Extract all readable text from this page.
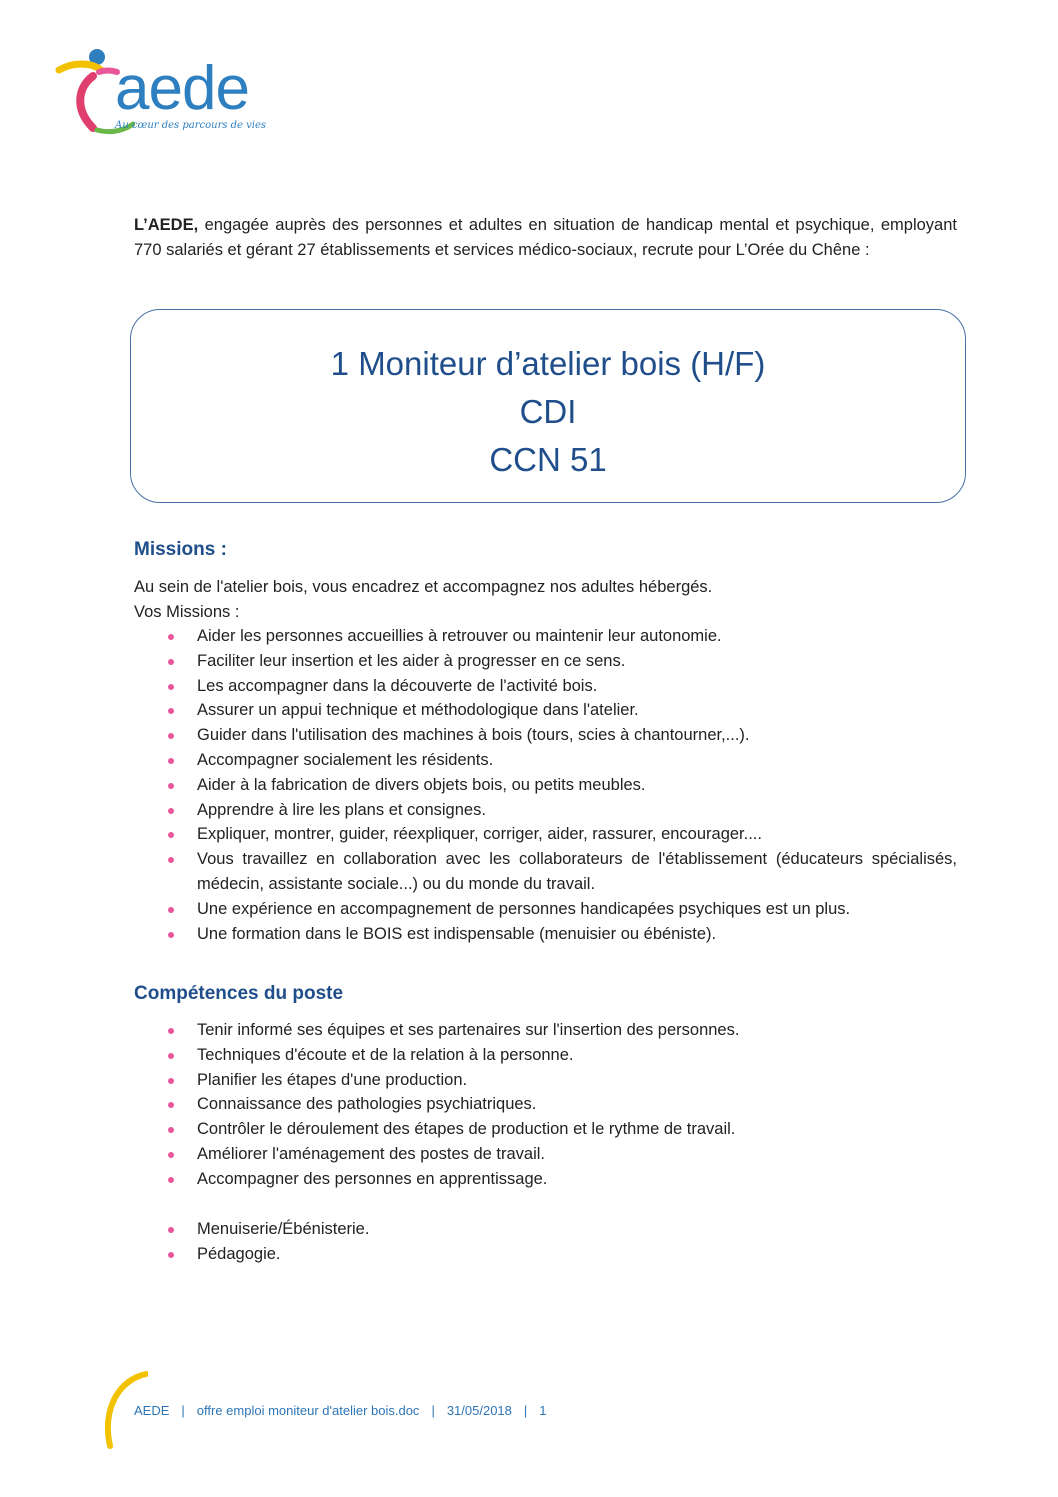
aede
Au cœur des parcours de vies
L’AEDE, engagée auprès des personnes et adultes en situation de handicap mental et psychique, employant 770 salariés et gérant 27 établissements et services médico-sociaux, recrute pour L’Orée du Chêne :
1 Moniteur d’atelier bois (H/F)
CDI
CCN 51
Missions :
Au sein de l'atelier bois, vous encadrez et accompagnez nos adultes hébergés.
Vos Missions :
Aider les personnes accueillies à retrouver ou maintenir leur autonomie.
Faciliter leur insertion et les aider à progresser en ce sens.
Les accompagner dans la découverte de l'activité bois.
Assurer un appui technique et méthodologique dans l'atelier.
Guider dans l'utilisation des machines à bois (tours, scies à chantourner,...).
Accompagner socialement les résidents.
Aider à la fabrication de divers objets bois, ou petits meubles.
Apprendre à lire les plans et consignes.
Expliquer, montrer, guider, réexpliquer, corriger, aider, rassurer, encourager....
Vous travaillez en collaboration avec les collaborateurs de l'établissement (éducateurs spécialisés, médecin, assistante sociale...) ou du monde du travail.
Une expérience en accompagnement de personnes handicapées psychiques est un plus.
Une formation dans le BOIS est indispensable (menuisier ou ébéniste).
Compétences du poste
Tenir informé ses équipes et ses partenaires sur l'insertion des personnes.
Techniques d'écoute et de la relation à la personne.
Planifier les étapes d'une production.
Connaissance des pathologies psychiatriques.
Contrôler le déroulement des étapes de production et le rythme de travail.
Améliorer l'aménagement des postes de travail.
Accompagner des personnes en apprentissage.
Menuiserie/Ébénisterie.
Pédagogie.
AEDE | offre emploi moniteur d'atelier bois.doc | 31/05/2018 | 1
